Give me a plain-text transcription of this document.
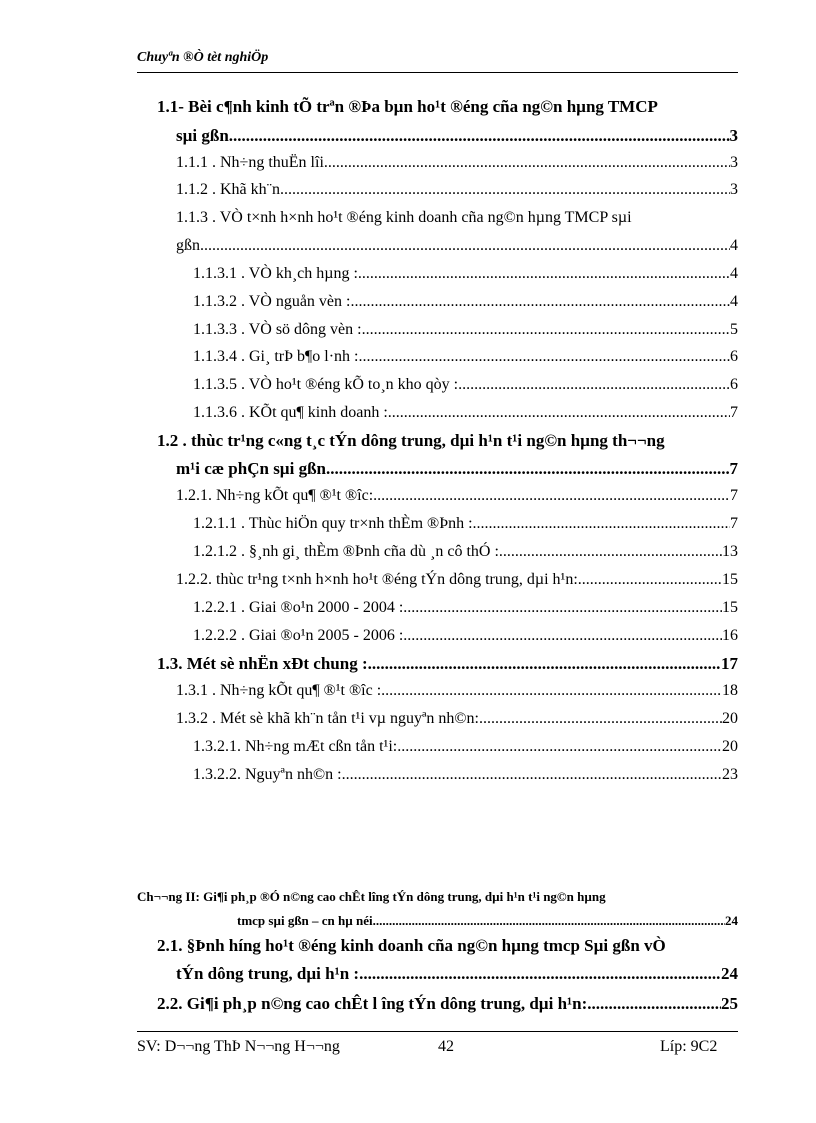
Chuyªn ®Ò tèt nghiÖp
1.1- Bèi c¶nh kinh tÕ trªn ®Þa bµn ho¹t ®éng cña ng©n hµng TMCP
sµi gßn .....	3
1.1.1 . Nh÷ng thuËn lîi .....	3
1.1.2 . Khã kh¨n .....	3
1.1.3 . VÒ t×nh h×nh ho¹t ®éng kinh doanh cña ng©n hµng TMCP sµi
gßn. .....	4
1.1.3.1 . VÒ kh¸ch hµng : .....	4
1.1.3.2 . VÒ nguån vèn : .....	4
1.1.3.3 . VÒ sö dông vèn : .....	5
1.1.3.4 . Gi¸ trÞ b¶o l·nh : .....	6
1.1.3.5 . VÒ ho¹t ®éng kÕ to¸n kho qòy : .....	6
1.1.3.6 . KÕt qu¶ kinh doanh : .....	7
1.2 . thùc tr¹ng c«ng t¸c tÝn dông trung, dµi h¹n t¹i ng©n hµng th¬¬ng
m¹i cæ phÇn sµi gßn. .....	7
1.2.1. Nh÷ng kÕt qu¶ ®¹t ®îc: .....	7
1.2.1.1 . Thùc hiÖn quy tr×nh thÈm ®Þnh : .....	7
1.2.1.2 . §¸nh gi¸ thÈm ®Þnh cña dù ¸n cô thÓ : .....	13
1.2.2. thùc tr¹ng t×nh h×nh ho¹t ®éng tÝn dông trung, dµi h¹n: .....	15
1.2.2.1 . Giai ®o¹n 2000 - 2004 : .....	15
1.2.2.2 . Giai ®o¹n 2005 - 2006 : .....	16
1.3. Mét sè nhËn xÐt chung : .....	17
1.3.1 . Nh÷ng kÕt qu¶ ®¹t ®îc : .....	18
1.3.2 . Mét sè khã kh¨n tån t¹i vµ nguyªn nh©n: .....	20
1.3.2.1. Nh÷ng mÆt cßn tån t¹i: .....	20
1.3.2.2. Nguyªn nh©n : .....	23
Ch¬¬ng II: Gi¶i ph¸p ®Ó n©ng cao chÊt lîng tÝn dông trung, dµi h¹n t¹i ng©n hµng
tmcp sµi gßn – cn hµ néi .....	24
2.1. §Þnh híng ho¹t ®éng kinh doanh cña ng©n hµng tmcp Sµi gßn vÒ
tÝn dông trung, dµi h¹n : .....	24
2.2. Gi¶i ph¸p n©ng cao chÊt l îng tÝn dông trung, dµi h¹n: .....	25
SV: D¬¬ng ThÞ N¬¬ng H¬¬ng	42	Líp: 9C2
